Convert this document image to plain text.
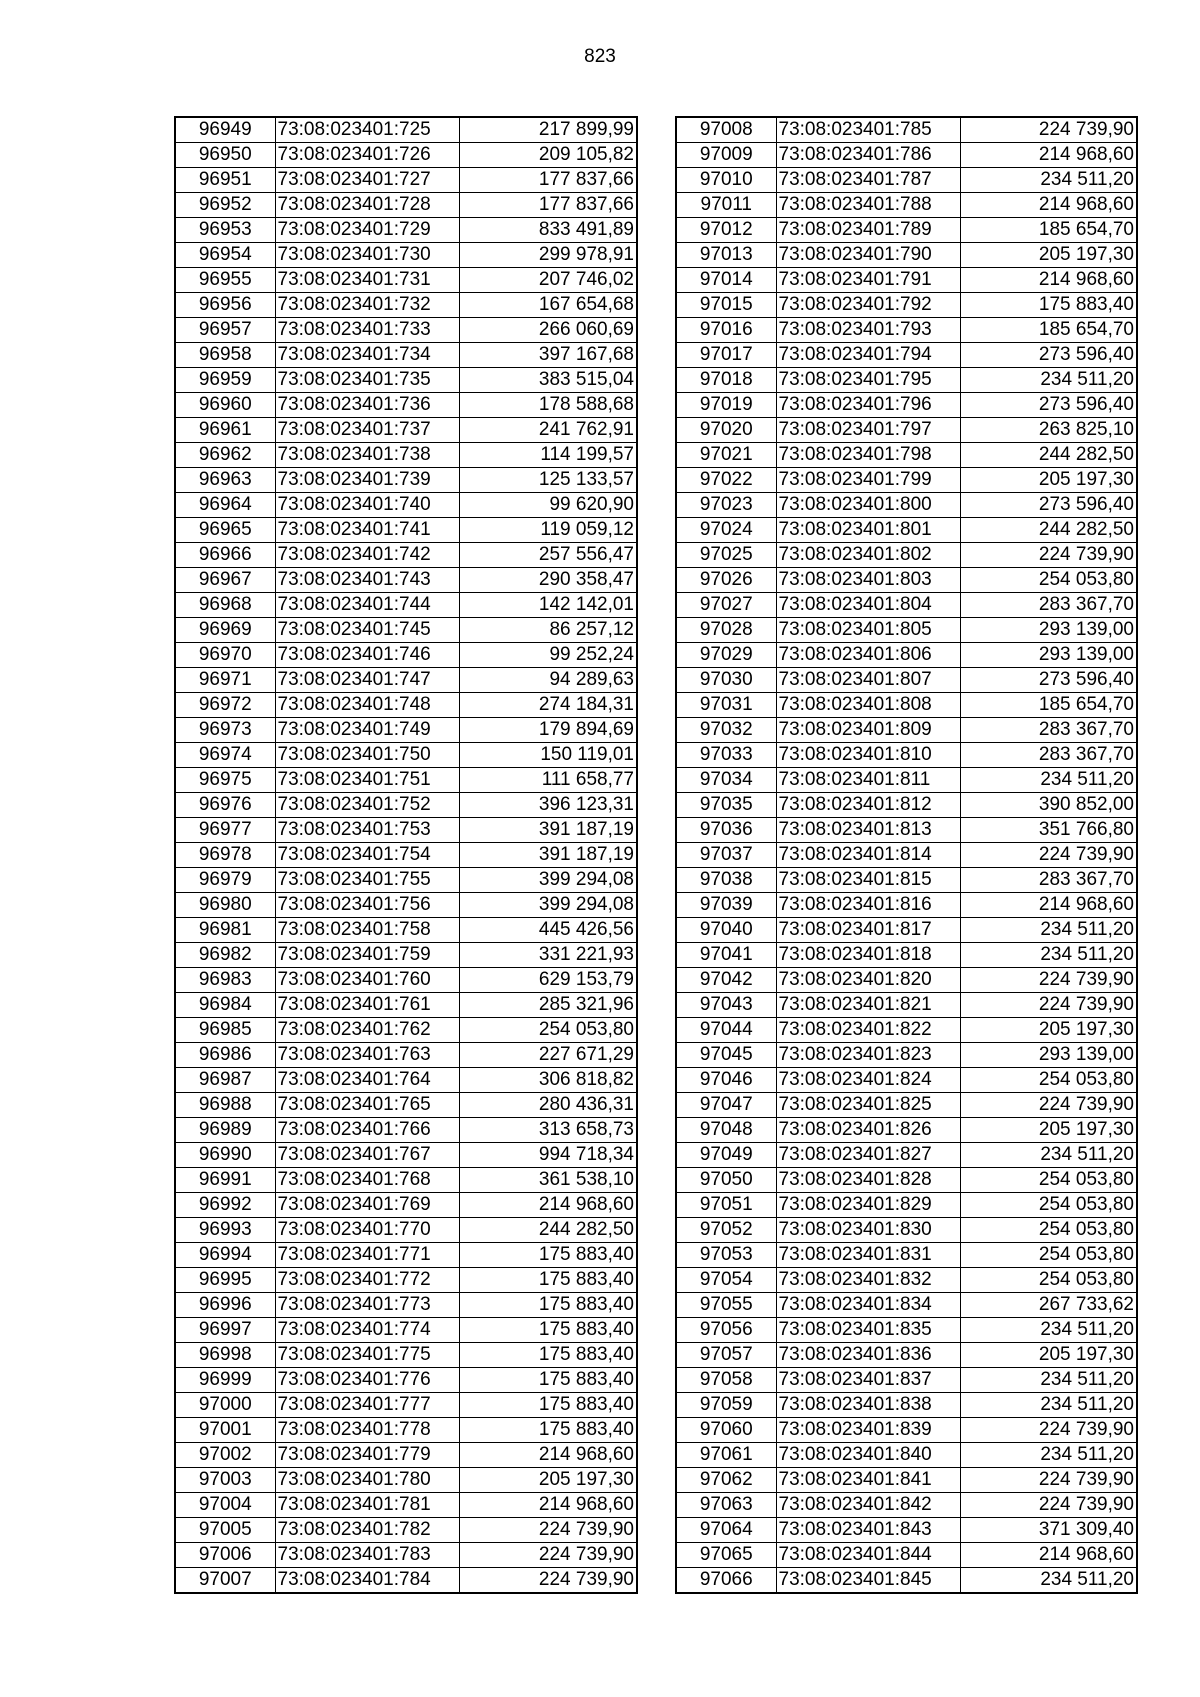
823
96949	73:08:023401:725	217 899,99
96950	73:08:023401:726	209 105,82
96951	73:08:023401:727	177 837,66
96952	73:08:023401:728	177 837,66
96953	73:08:023401:729	833 491,89
96954	73:08:023401:730	299 978,91
96955	73:08:023401:731	207 746,02
96956	73:08:023401:732	167 654,68
96957	73:08:023401:733	266 060,69
96958	73:08:023401:734	397 167,68
96959	73:08:023401:735	383 515,04
96960	73:08:023401:736	178 588,68
96961	73:08:023401:737	241 762,91
96962	73:08:023401:738	114 199,57
96963	73:08:023401:739	125 133,57
96964	73:08:023401:740	99 620,90
96965	73:08:023401:741	119 059,12
96966	73:08:023401:742	257 556,47
96967	73:08:023401:743	290 358,47
96968	73:08:023401:744	142 142,01
96969	73:08:023401:745	86 257,12
96970	73:08:023401:746	99 252,24
96971	73:08:023401:747	94 289,63
96972	73:08:023401:748	274 184,31
96973	73:08:023401:749	179 894,69
96974	73:08:023401:750	150 119,01
96975	73:08:023401:751	111 658,77
96976	73:08:023401:752	396 123,31
96977	73:08:023401:753	391 187,19
96978	73:08:023401:754	391 187,19
96979	73:08:023401:755	399 294,08
96980	73:08:023401:756	399 294,08
96981	73:08:023401:758	445 426,56
96982	73:08:023401:759	331 221,93
96983	73:08:023401:760	629 153,79
96984	73:08:023401:761	285 321,96
96985	73:08:023401:762	254 053,80
96986	73:08:023401:763	227 671,29
96987	73:08:023401:764	306 818,82
96988	73:08:023401:765	280 436,31
96989	73:08:023401:766	313 658,73
96990	73:08:023401:767	994 718,34
96991	73:08:023401:768	361 538,10
96992	73:08:023401:769	214 968,60
96993	73:08:023401:770	244 282,50
96994	73:08:023401:771	175 883,40
96995	73:08:023401:772	175 883,40
96996	73:08:023401:773	175 883,40
96997	73:08:023401:774	175 883,40
96998	73:08:023401:775	175 883,40
96999	73:08:023401:776	175 883,40
97000	73:08:023401:777	175 883,40
97001	73:08:023401:778	175 883,40
97002	73:08:023401:779	214 968,60
97003	73:08:023401:780	205 197,30
97004	73:08:023401:781	214 968,60
97005	73:08:023401:782	224 739,90
97006	73:08:023401:783	224 739,90
97007	73:08:023401:784	224 739,90
97008	73:08:023401:785	224 739,90
97009	73:08:023401:786	214 968,60
97010	73:08:023401:787	234 511,20
97011	73:08:023401:788	214 968,60
97012	73:08:023401:789	185 654,70
97013	73:08:023401:790	205 197,30
97014	73:08:023401:791	214 968,60
97015	73:08:023401:792	175 883,40
97016	73:08:023401:793	185 654,70
97017	73:08:023401:794	273 596,40
97018	73:08:023401:795	234 511,20
97019	73:08:023401:796	273 596,40
97020	73:08:023401:797	263 825,10
97021	73:08:023401:798	244 282,50
97022	73:08:023401:799	205 197,30
97023	73:08:023401:800	273 596,40
97024	73:08:023401:801	244 282,50
97025	73:08:023401:802	224 739,90
97026	73:08:023401:803	254 053,80
97027	73:08:023401:804	283 367,70
97028	73:08:023401:805	293 139,00
97029	73:08:023401:806	293 139,00
97030	73:08:023401:807	273 596,40
97031	73:08:023401:808	185 654,70
97032	73:08:023401:809	283 367,70
97033	73:08:023401:810	283 367,70
97034	73:08:023401:811	234 511,20
97035	73:08:023401:812	390 852,00
97036	73:08:023401:813	351 766,80
97037	73:08:023401:814	224 739,90
97038	73:08:023401:815	283 367,70
97039	73:08:023401:816	214 968,60
97040	73:08:023401:817	234 511,20
97041	73:08:023401:818	234 511,20
97042	73:08:023401:820	224 739,90
97043	73:08:023401:821	224 739,90
97044	73:08:023401:822	205 197,30
97045	73:08:023401:823	293 139,00
97046	73:08:023401:824	254 053,80
97047	73:08:023401:825	224 739,90
97048	73:08:023401:826	205 197,30
97049	73:08:023401:827	234 511,20
97050	73:08:023401:828	254 053,80
97051	73:08:023401:829	254 053,80
97052	73:08:023401:830	254 053,80
97053	73:08:023401:831	254 053,80
97054	73:08:023401:832	254 053,80
97055	73:08:023401:834	267 733,62
97056	73:08:023401:835	234 511,20
97057	73:08:023401:836	205 197,30
97058	73:08:023401:837	234 511,20
97059	73:08:023401:838	234 511,20
97060	73:08:023401:839	224 739,90
97061	73:08:023401:840	234 511,20
97062	73:08:023401:841	224 739,90
97063	73:08:023401:842	224 739,90
97064	73:08:023401:843	371 309,40
97065	73:08:023401:844	214 968,60
97066	73:08:023401:845	234 511,20
